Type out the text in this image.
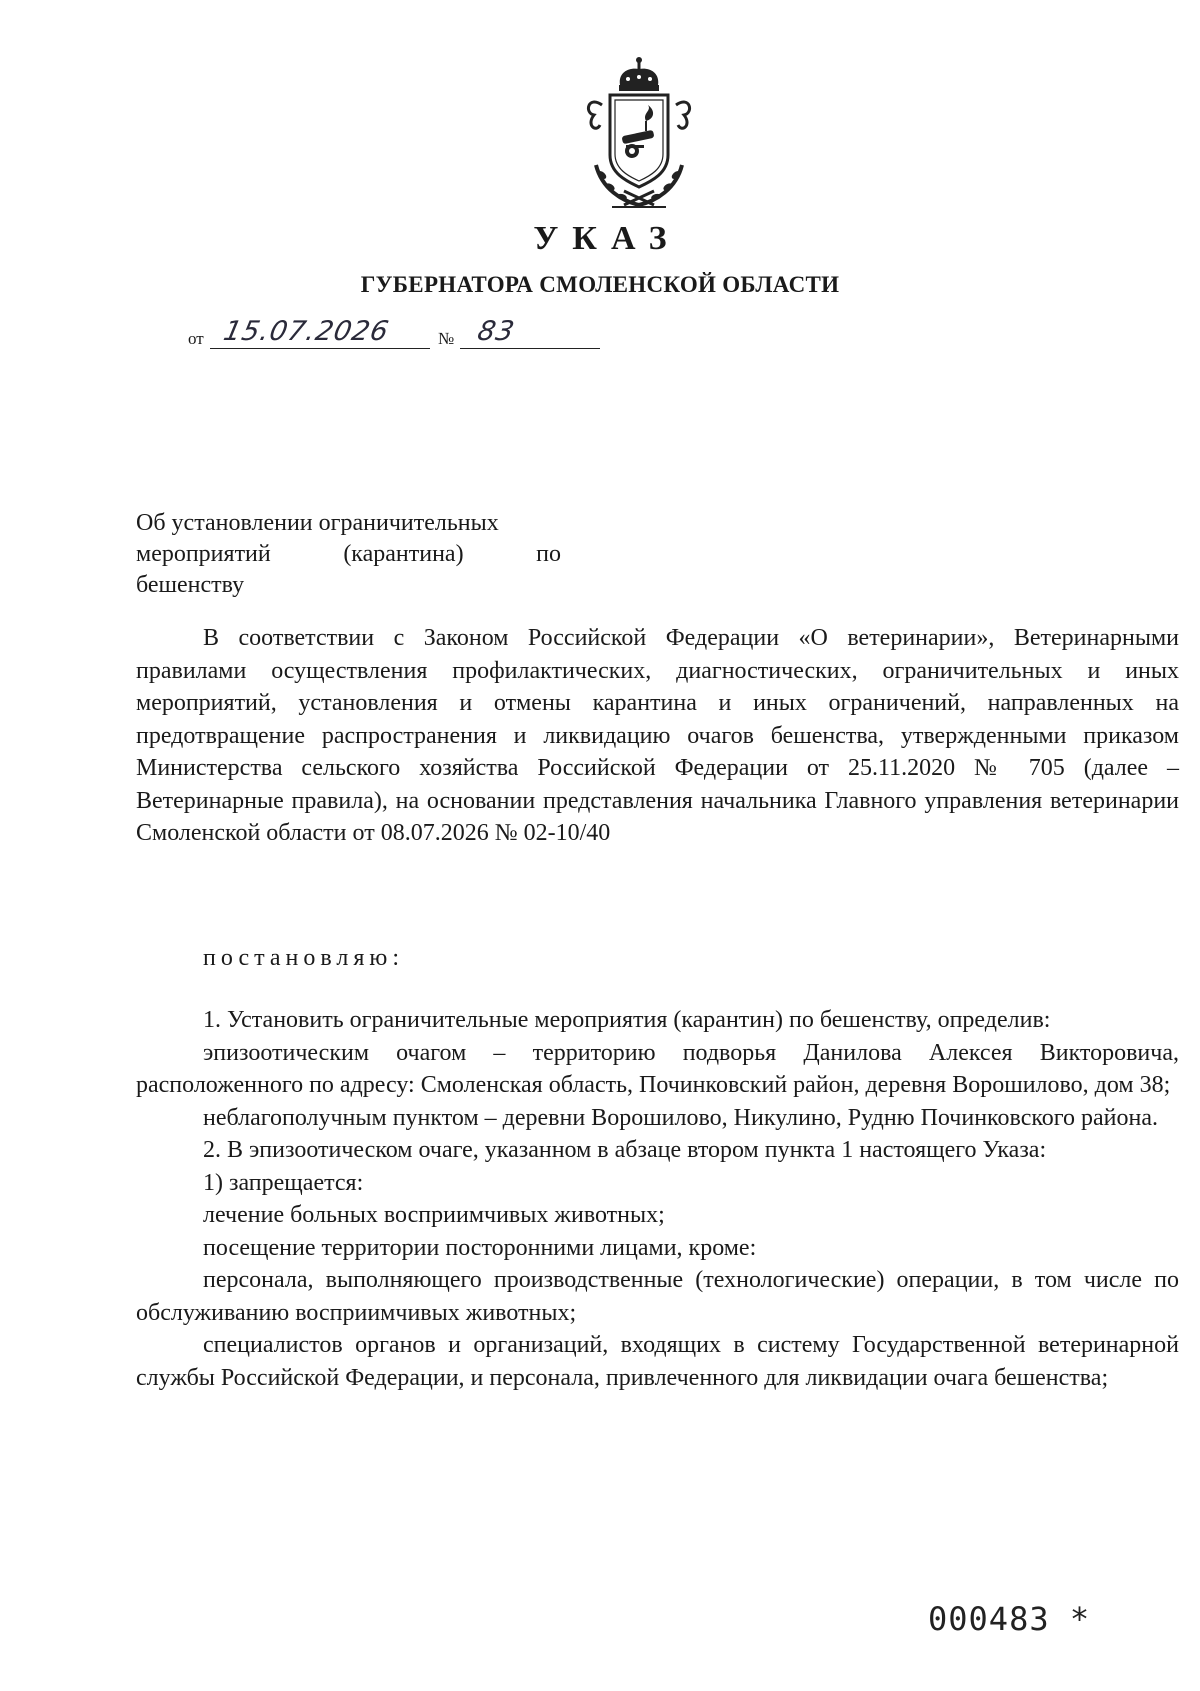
УКАЗ
ГУБЕРНАТОРА СМОЛЕНСКОЙ ОБЛАСТИ
от 15.07.2026	№ 83
Об установлении ограничительных
мероприятий	(карантина)	по
бешенству

В соответствии с Законом Российской Федерации «О ветеринарии», Ветеринарными правилами осуществления профилактических, диагностических, ограничительных и иных мероприятий, установления и отмены карантина и иных ограничений, направленных на предотвращение распространения и ликвидацию очагов бешенства, утвержденными приказом Министерства сельского хозяйства Российской Федерации от 25.11.2020 № 705 (далее – Ветеринарные правила), на основании представления начальника Главного управления ветеринарии Смоленской области от 08.07.2026 № 02-10/40

постановляю:

1. Установить ограничительные мероприятия (карантин) по бешенству, определив:

эпизоотическим очагом – территорию подворья Данилова Алексея Викторовича, расположенного по адресу: Смоленская область, Починковский район, деревня Ворошилово, дом 38;

неблагополучным пунктом – деревни Ворошилово, Никулино, Рудню Починковского района.

2. В эпизоотическом очаге, указанном в абзаце втором пункта 1 настоящего Указа:

1) запрещается:

лечение больных восприимчивых животных;

посещение территории посторонними лицами, кроме:

персонала, выполняющего производственные (технологические) операции, в том числе по обслуживанию восприимчивых животных;

специалистов органов и организаций, входящих в систему Государственной ветеринарной службы Российской Федерации, и персонала, привлеченного для ликвидации очага бешенства;

000483 *
